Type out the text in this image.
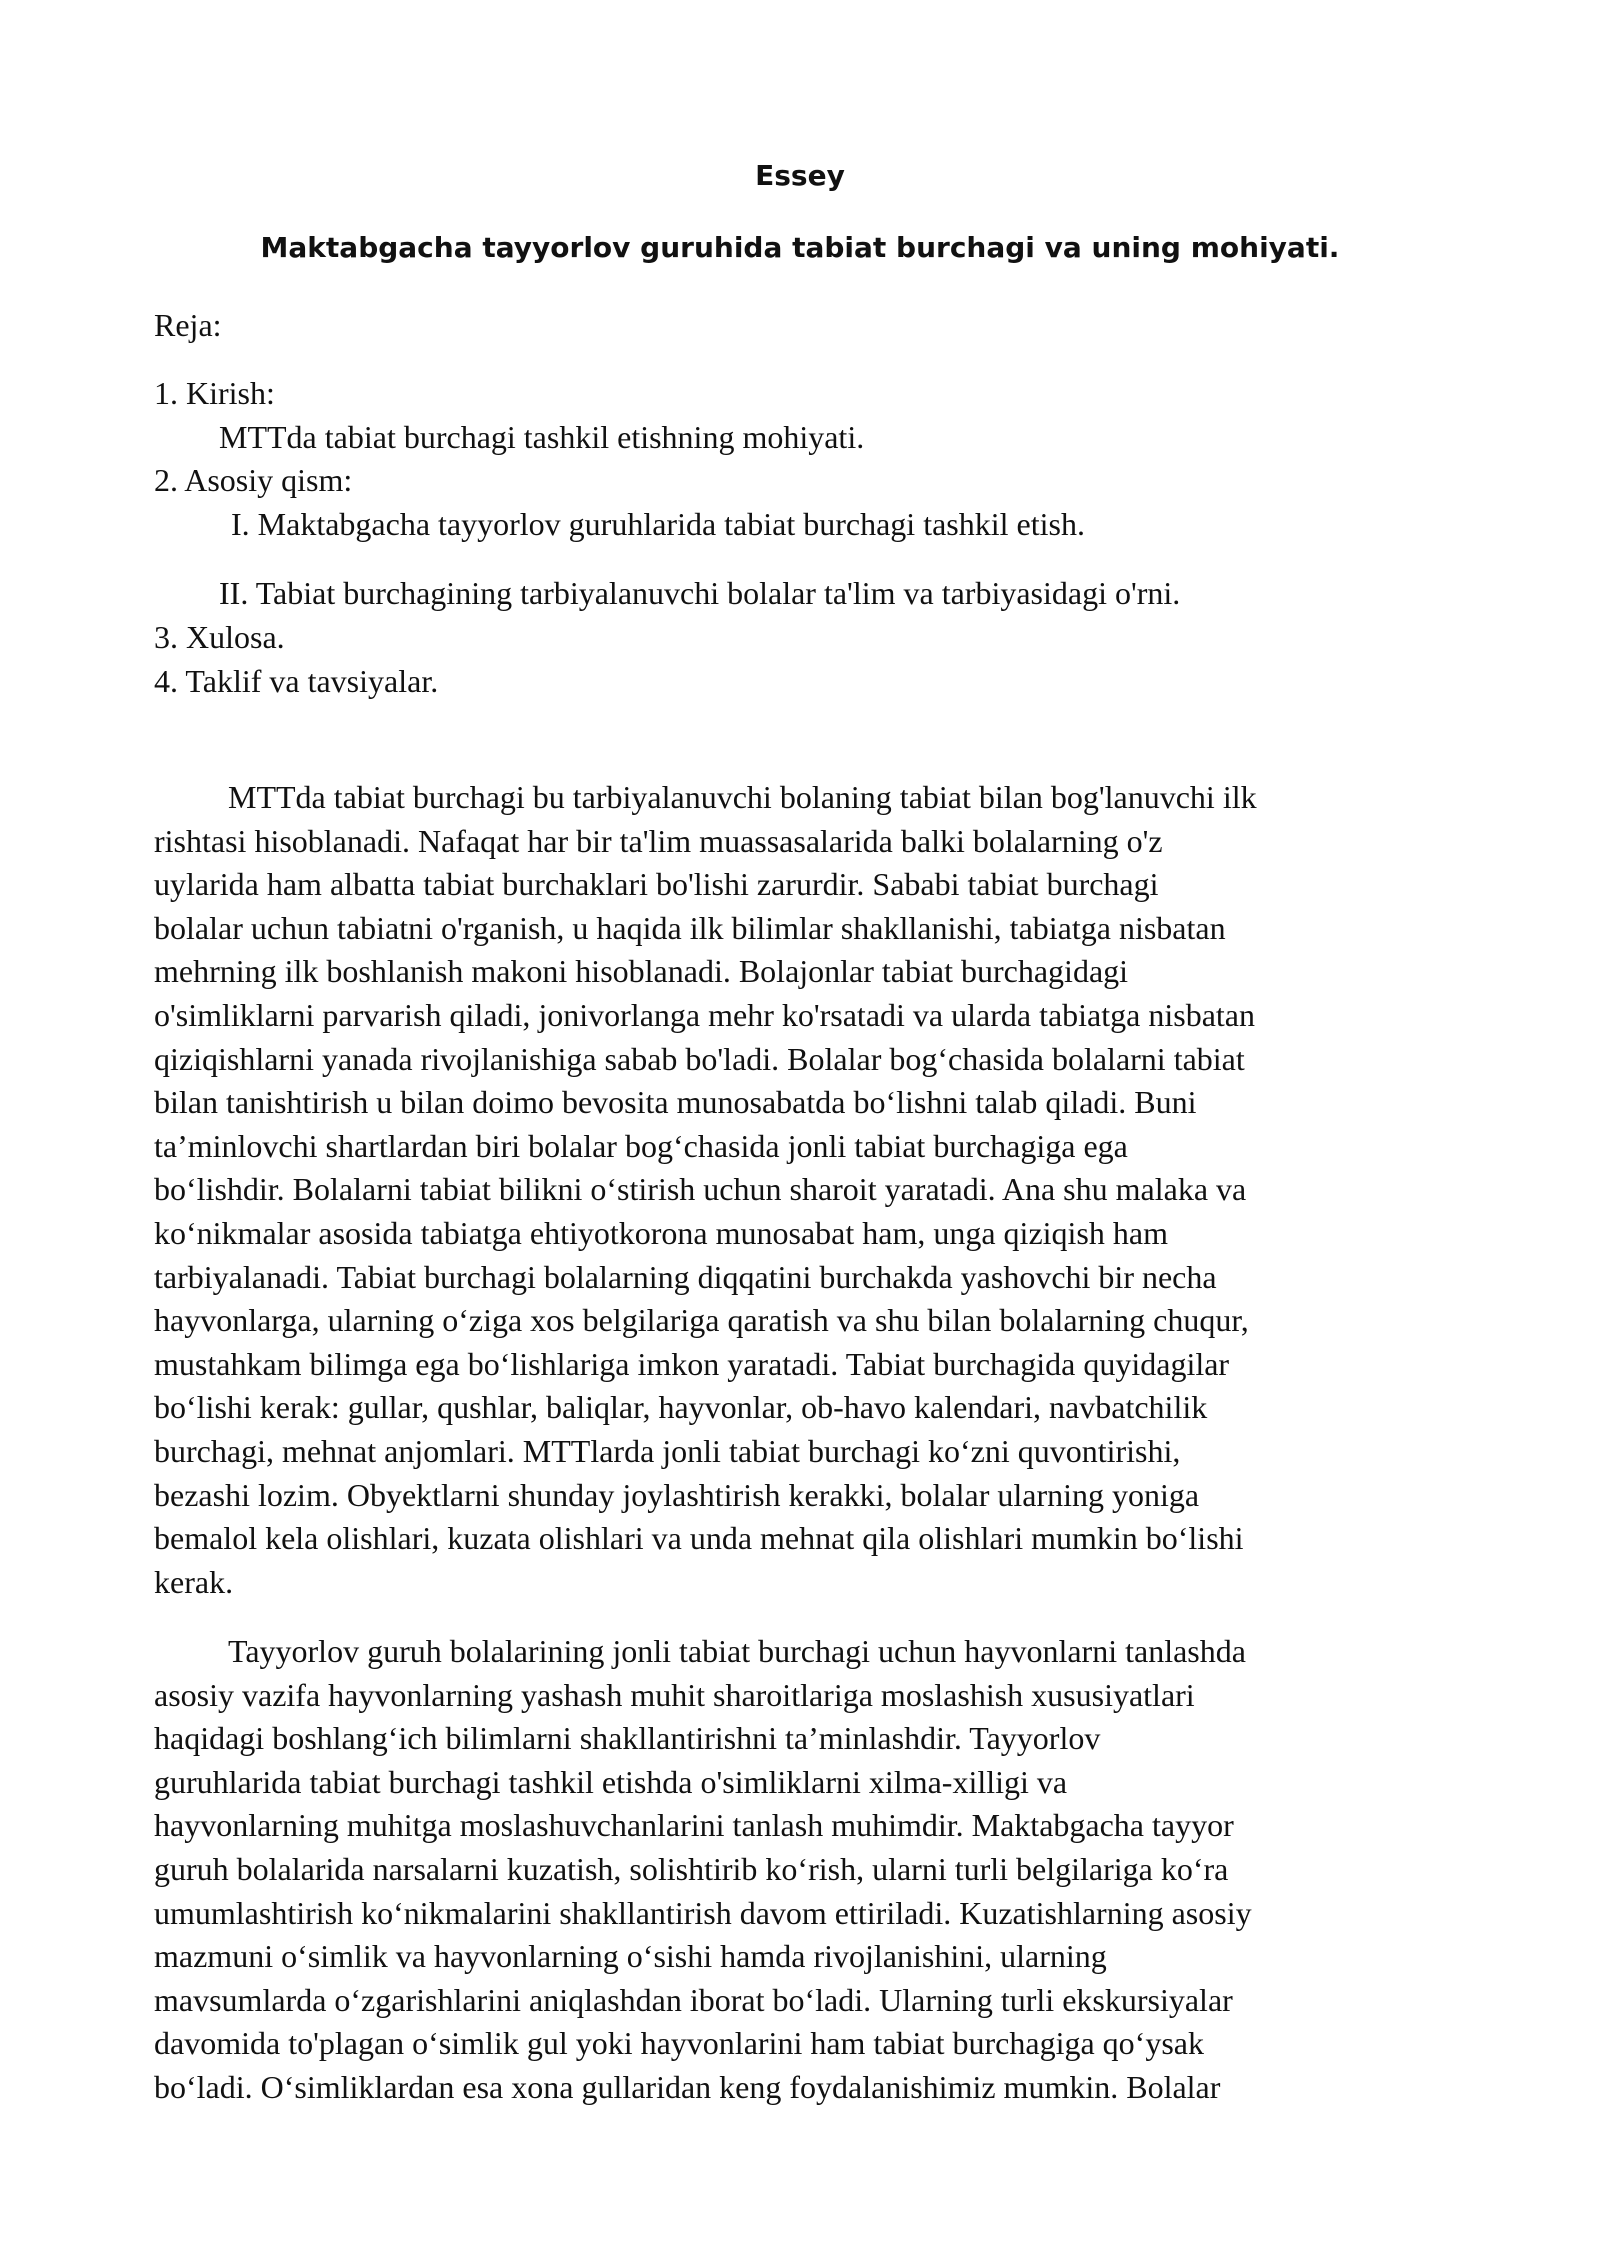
Essey
Maktabgacha tayyorlov guruhida tabiat burchagi va uning mohiyati.
Reja:
1. Kirish:
MTTda tabiat burchagi tashkil etishning mohiyati.
2. Asosiy qism:
I. Maktabgacha tayyorlov guruhlarida tabiat burchagi tashkil etish.
II. Tabiat burchagining tarbiyalanuvchi bolalar ta'lim va tarbiyasidagi o'rni.
3. Xulosa.
4. Taklif va tavsiyalar.
MTTda tabiat burchagi bu tarbiyalanuvchi bolaning tabiat bilan bog'lanuvchi ilk
rishtasi hisoblanadi. Nafaqat har bir ta'lim muassasalarida balki bolalarning o'z
uylarida ham albatta tabiat burchaklari bo'lishi zarurdir. Sababi tabiat burchagi
bolalar uchun tabiatni o'rganish, u haqida ilk bilimlar shakllanishi, tabiatga nisbatan
mehrning ilk boshlanish makoni hisoblanadi. Bolajonlar tabiat burchagidagi
o'simliklarni parvarish qiladi, jonivorlanga mehr ko'rsatadi va ularda tabiatga nisbatan
qiziqishlarni yanada rivojlanishiga sabab bo'ladi. Bolalar bog‘chasida bolalarni tabiat
bilan tanishtirish u bilan doimo bevosita munosabatda bo‘lishni talab qiladi. Buni
ta’minlovchi shartlardan biri bolalar bog‘chasida jonli tabiat burchagiga ega
bo‘lishdir. Bolalarni tabiat bilikni o‘stirish uchun sharoit yaratadi. Ana shu malaka va
ko‘nikmalar asosida tabiatga ehtiyotkorona munosabat ham, unga qiziqish ham
tarbiyalanadi. Tabiat burchagi bolalarning diqqatini burchakda yashovchi bir necha
hayvonlarga, ularning o‘ziga xos belgilariga qaratish va shu bilan bolalarning chuqur,
mustahkam bilimga ega bo‘lishlariga imkon yaratadi. Tabiat burchagida quyidagilar
bo‘lishi kerak: gullar, qushlar, baliqlar, hayvonlar, ob-havo kalendari, navbatchilik
burchagi, mehnat anjomlari. MTTlarda jonli tabiat burchagi ko‘zni quvontirishi,
bezashi lozim. Obyektlarni shunday joylashtirish kerakki, bolalar ularning yoniga
bemalol kela olishlari, kuzata olishlari va unda mehnat qila olishlari mumkin bo‘lishi
kerak.
Tayyorlov guruh bolalarining jonli tabiat burchagi uchun hayvonlarni tanlashda
asosiy vazifa hayvonlarning yashash muhit sharoitlariga moslashish xususiyatlari
haqidagi boshlang‘ich bilimlarni shakllantirishni ta’minlashdir. Tayyorlov
guruhlarida tabiat burchagi tashkil etishda o'simliklarni xilma-xilligi va
hayvonlarning muhitga moslashuvchanlarini tanlash muhimdir. Maktabgacha tayyor
guruh bolalarida narsalarni kuzatish, solishtirib ko‘rish, ularni turli belgilariga ko‘ra
umumlashtirish ko‘nikmalarini shakllantirish davom ettiriladi. Kuzatishlarning asosiy
mazmuni o‘simlik va hayvonlarning o‘sishi hamda rivojlanishini, ularning
mavsumlarda o‘zgarishlarini aniqlashdan iborat bo‘ladi. Ularning turli ekskursiyalar
davomida to'plagan o‘simlik gul yoki hayvonlarini ham tabiat burchagiga qo‘ysak
bo‘ladi. O‘simliklardan esa xona gullaridan keng foydalanishimiz mumkin. Bolalar
